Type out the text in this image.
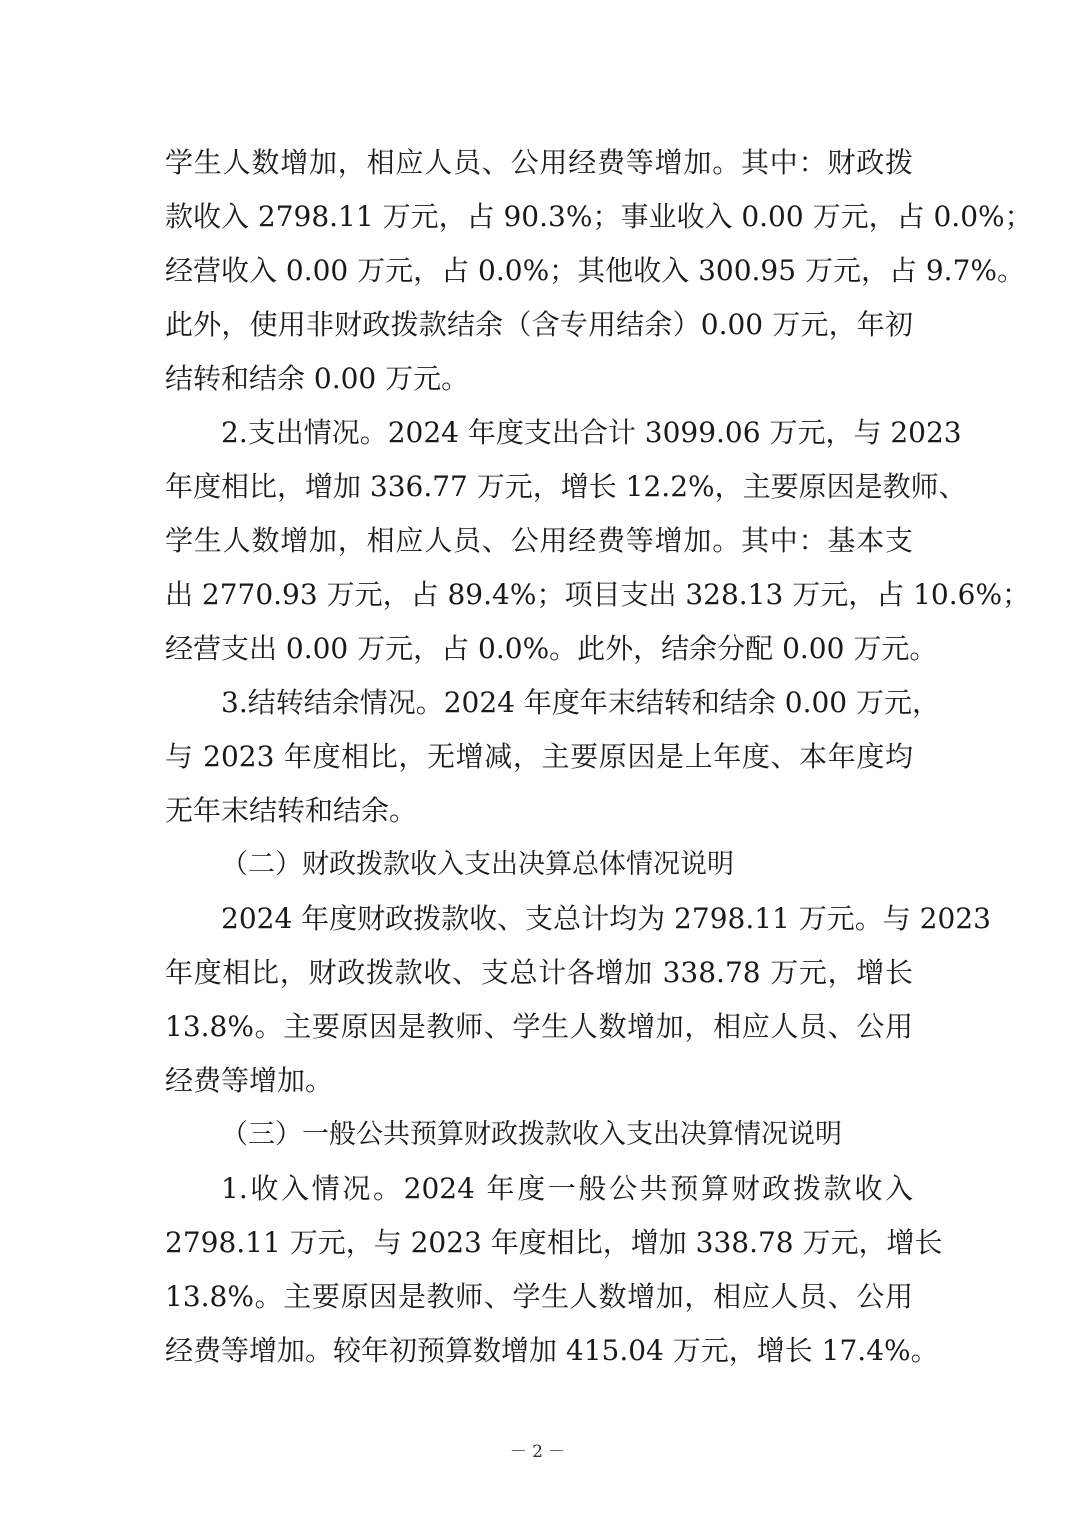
学生人数增加，相应人员、公用经费等增加。其中：财政拨
款收入 2798.11 万元，占 90.3%；事业收入 0.00 万元，占 0.0%；
经营收入 0.00 万元，占 0.0%；其他收入 300.95 万元，占 9.7%。
此外，使用非财政拨款结余（含专用结余）0.00 万元，年初
结转和结余 0.00 万元。
2.支出情况。2024 年度支出合计 3099.06 万元，与 2023
年度相比，增加 336.77 万元，增长 12.2%，主要原因是教师、
学生人数增加，相应人员、公用经费等增加。其中：基本支
出 2770.93 万元，占 89.4%；项目支出 328.13 万元，占 10.6%；
经营支出 0.00 万元，占 0.0%。此外，结余分配 0.00 万元。
3.结转结余情况。2024 年度年末结转和结余 0.00 万元，
与 2023 年度相比，无增减，主要原因是上年度、本年度均
无年末结转和结余。
（二）财政拨款收入支出决算总体情况说明
2024 年度财政拨款收、支总计均为 2798.11 万元。与 2023
年度相比，财政拨款收、支总计各增加 338.78 万元，增长
13.8%。主要原因是教师、学生人数增加，相应人员、公用
经费等增加。
（三）一般公共预算财政拨款收入支出决算情况说明
1.收入情况。2024 年度一般公共预算财政拨款收入
2798.11 万元，与 2023 年度相比，增加 338.78 万元，增长
13.8%。主要原因是教师、学生人数增加，相应人员、公用
经费等增加。较年初预算数增加 415.04 万元，增长 17.4%。
－ 2 －
